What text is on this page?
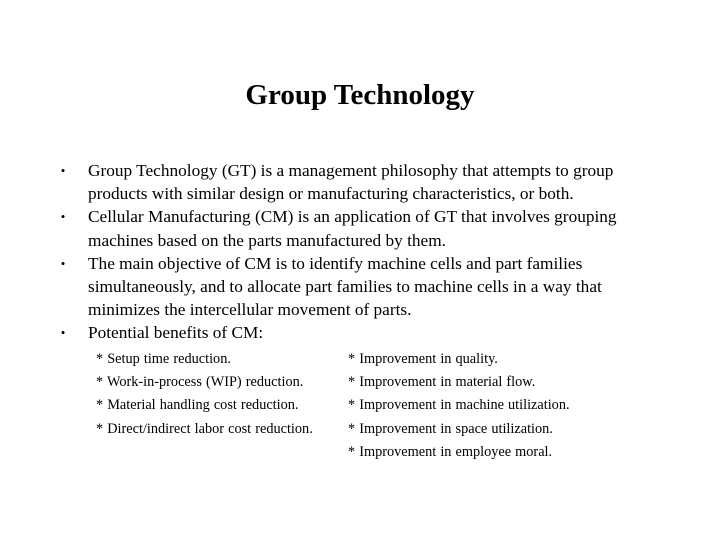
Group Technology
• Group Technology (GT) is a management philosophy that attempts to group products with similar design or manufacturing characteristics, or both.
• Cellular Manufacturing (CM) is an application of GT that involves grouping machines based on the parts manufactured by them.
• The main objective of CM is to identify machine cells and part families simultaneously, and to allocate part families to machine cells in a way that minimizes the intercellular movement of parts.
• Potential benefits of CM:
* Setup time reduction.
* Work-in-process (WIP) reduction.
* Material handling cost reduction.
* Direct/indirect labor cost reduction.
* Improvement in quality.
* Improvement in material flow.
* Improvement in machine utilization.
* Improvement in space utilization.
* Improvement in employee moral.
